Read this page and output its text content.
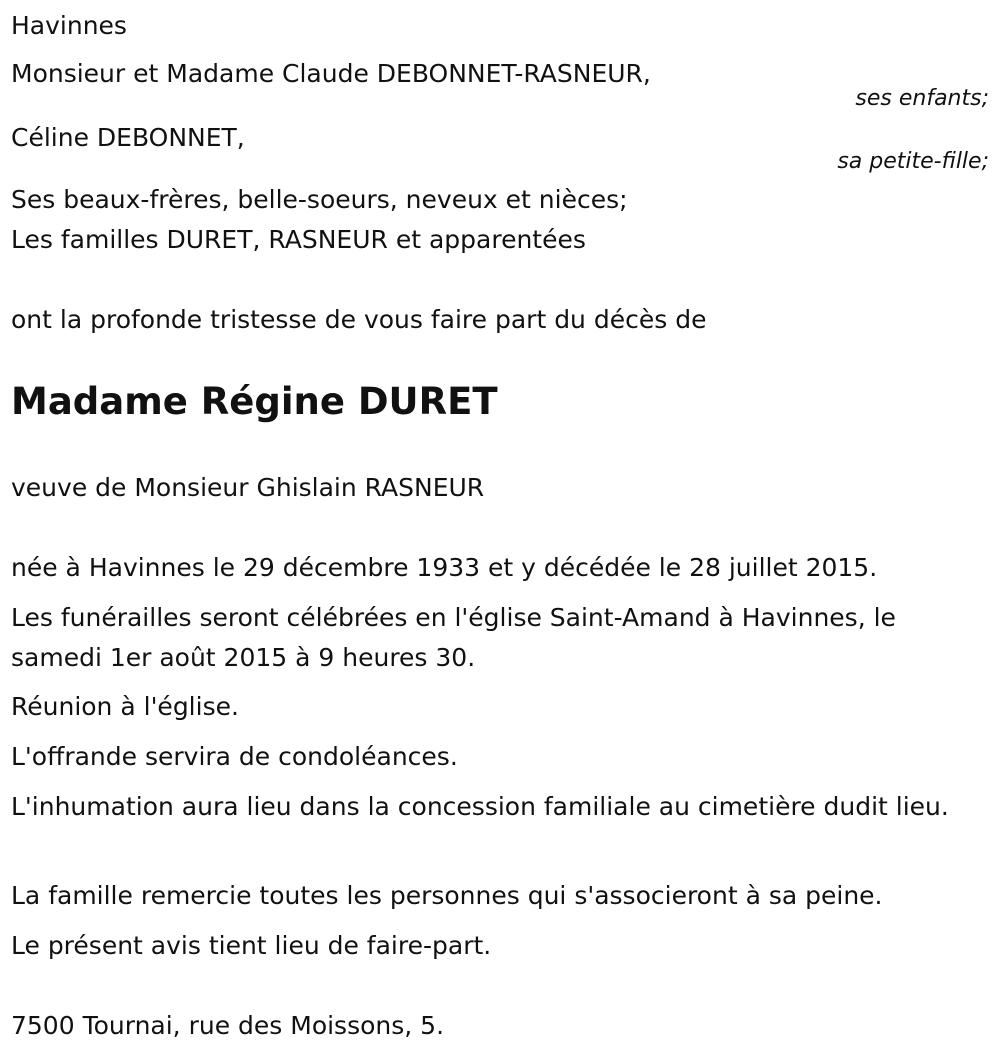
Havinnes
Monsieur et Madame Claude DEBONNET-RASNEUR,
ses enfants;
Céline DEBONNET,
sa petite-fille;
Ses beaux-frères, belle-soeurs, neveux et nièces;
Les familles DURET, RASNEUR et apparentées
ont la profonde tristesse de vous faire part du décès de
Madame Régine DURET
veuve de Monsieur Ghislain RASNEUR
née à Havinnes le 29 décembre 1933 et y décédée le 28 juillet 2015.
Les funérailles seront célébrées en l'église Saint-Amand à Havinnes, le samedi 1er août 2015 à 9 heures 30.
Réunion à l'église.
L'offrande servira de condoléances.
L'inhumation aura lieu dans la concession familiale au cimetière dudit lieu.
La famille remercie toutes les personnes qui s'associeront à sa peine.
Le présent avis tient lieu de faire-part.
7500 Tournai, rue des Moissons, 5.
